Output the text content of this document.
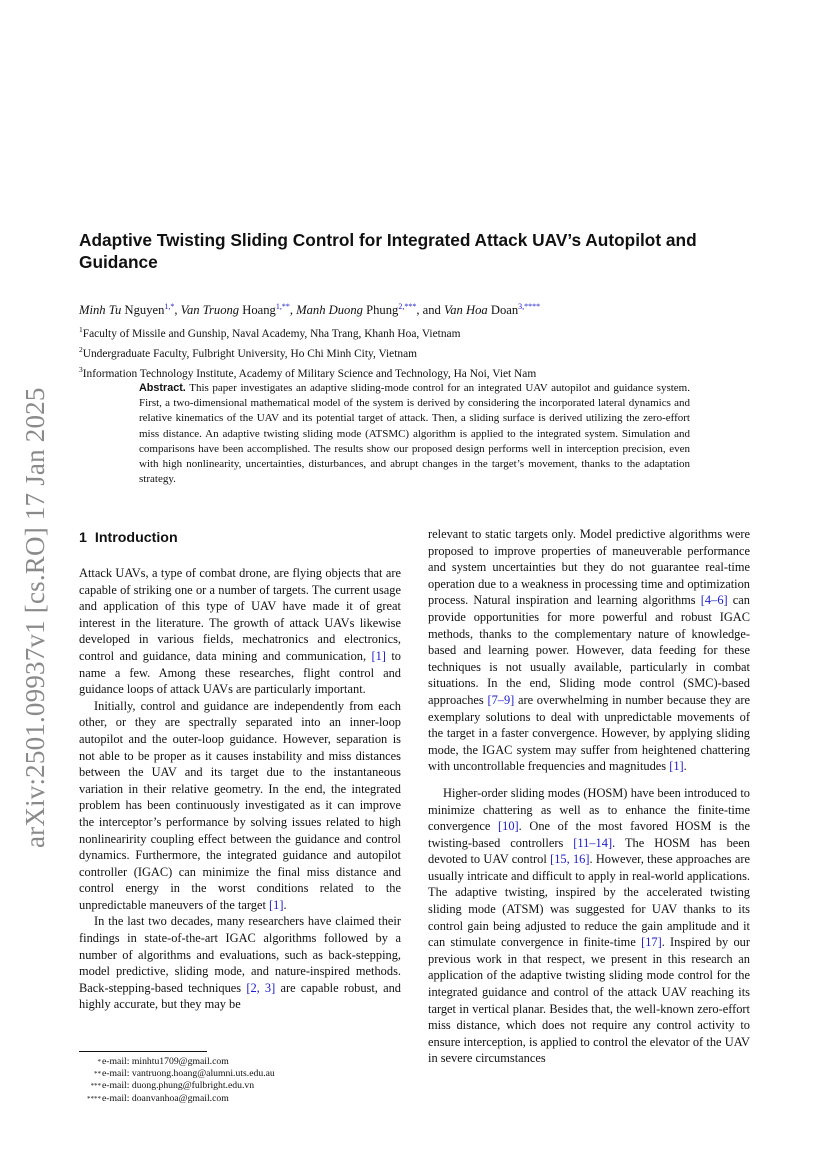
arXiv:2501.09937v1 [cs.RO] 17 Jan 2025
Adaptive Twisting Sliding Control for Integrated Attack UAV’s Autopilot and Guidance
Minh Tu Nguyen$^{1,*}$, Van Truong Hoang$^{1,**}$, Manh Duong Phung$^{2,***}$, and Van Hoa Doan$^{3,****}$
$^1$Faculty of Missile and Gunship, Naval Academy, Nha Trang, Khanh Hoa, Vietnam
$^2$Undergraduate Faculty, Fulbright University, Ho Chi Minh City, Vietnam
$^3$Information Technology Institute, Academy of Military Science and Technology, Ha Noi, Viet Nam
Abstract. This paper investigates an adaptive sliding-mode control for an integrated UAV autopilot and guidance system. First, a two-dimensional mathematical model of the system is derived by considering the incorporated lateral dynamics and relative kinematics of the UAV and its potential target of attack. Then, a sliding surface is derived utilizing the zero-effort miss distance. An adaptive twisting sliding mode (ATSMC) algorithm is applied to the integrated system. Simulation and comparisons have been accomplished. The results show our proposed design performs well in interception precision, even with high nonlinearity, uncertainties, disturbances, and abrupt changes in the target’s movement, thanks to the adaptation strategy.

1 Introduction

Attack UAVs, a type of combat drone, are flying objects that are capable of striking one or a number of targets. The current usage and application of this type of UAV have made it of great interest in the literature. The growth of attack UAVs likewise developed in various fields, mechatronics and electronics, control and guidance, data mining and communication, [1] to name a few. Among these researches, flight control and guidance loops of attack UAVs are particularly important.

Initially, control and guidance are independently from each other, or they are spectrally separated into an inner-loop autopilot and the outer-loop guidance. However, separation is not able to be proper as it causes instability and miss distances between the UAV and its target due to the instantaneous variation in their relative geometry. In the end, the integrated problem has been continuously investigated as it can improve the interceptor’s performance by solving issues related to high nonlinearirity coupling effect between the guidance and control dynamics. Furthermore, the integrated guidance and autopilot controller (IGAC) can minimize the final miss distance and control energy in the worst conditions related to the unpredictable maneuvers of the target [1].

In the last two decades, many researchers have claimed their findings in state-of-the-art IGAC algorithms followed by a number of algorithms and evaluations, such as back-stepping, model predictive, sliding mode, and nature-inspired methods. Back-stepping-based techniques [2, 3] are capable robust, and highly accurate, but they may be

* e-mail: minhtu1709@gmail.com
** e-mail: vantruong.hoang@alumni.uts.edu.au
*** e-mail: duong.phung@fulbright.edu.vn
**** e-mail: doanvanhoa@gmail.com

relevant to static targets only. Model predictive algorithms were proposed to improve properties of maneuverable performance and system uncertainties but they do not guarantee real-time operation due to a weakness in processing time and optimization process. Natural inspiration and learning algorithms [4–6] can provide opportunities for more powerful and robust IGAC methods, thanks to the complementary nature of knowledge-based and learning power. However, data feeding for these techniques is not usually available, particularly in combat situations. In the end, Sliding mode control (SMC)-based approaches [7–9] are overwhelming in number because they are exemplary solutions to deal with unpredictable movements of the target in a faster convergence. However, by applying sliding mode, the IGAC system may suffer from heightened chattering with uncontrollable frequencies and magnitudes [1].

Higher-order sliding modes (HOSM) have been introduced to minimize chattering as well as to enhance the finite-time convergence [10]. One of the most favored HOSM is the twisting-based controllers [11–14]. The HOSM has been devoted to UAV control [15, 16]. However, these approaches are usually intricate and difficult to apply in real-world applications. The adaptive twisting, inspired by the accelerated twisting sliding mode (ATSM) was suggested for UAV thanks to its control gain being adjusted to reduce the gain amplitude and it can stimulate convergence in finite-time [17]. Inspired by our previous work in that respect, we present in this research an application of the adaptive twisting sliding mode control for the integrated guidance and control of the attack UAV reaching its target in vertical planar. Besides that, the well-known zero-effort miss distance, which does not require any control activity to ensure interception, is applied to control the elevator of the UAV in severe circumstances
